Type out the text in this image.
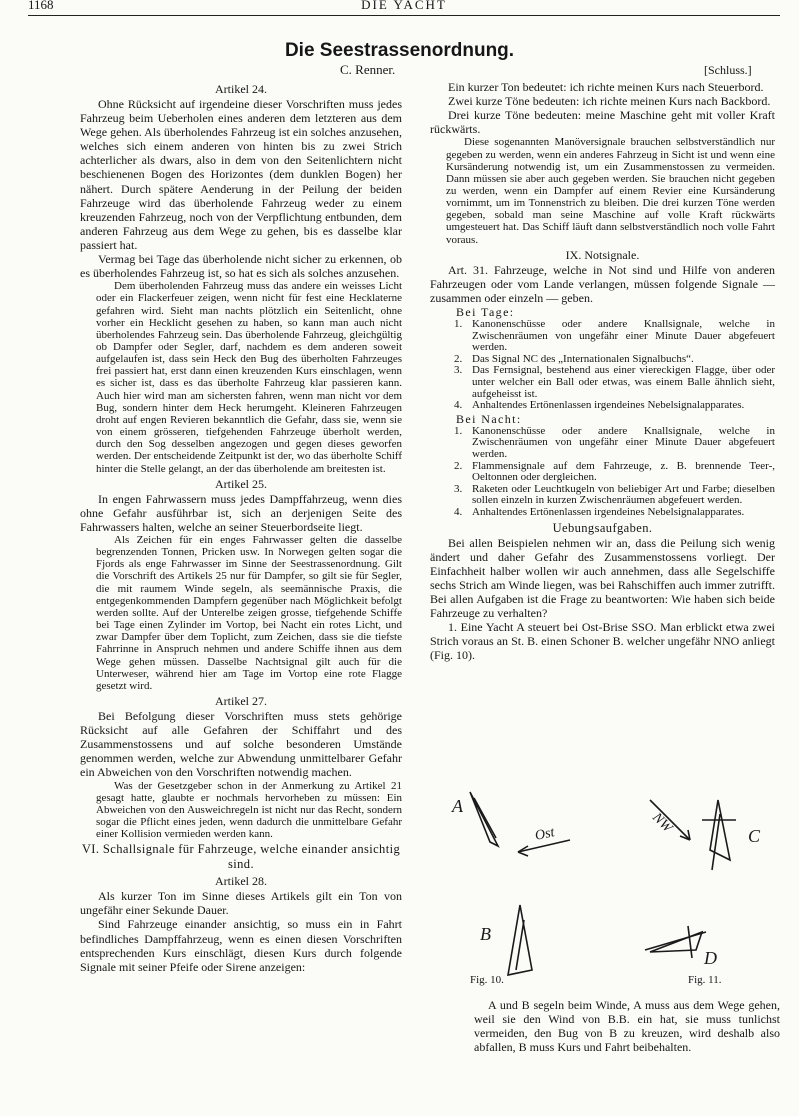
1168	DIE YACHT
Die Seestrassenordnung.
C. Renner.	[Schluss.]
Artikel 24.

Ohne Rücksicht auf irgendeine dieser Vorschriften muss jedes Fahrzeug beim Ueberholen eines anderen dem letzteren aus dem Wege gehen. Als überholendes Fahrzeug ist ein solches anzusehen, welches sich einem anderen von hinten bis zu zwei Strich achterlicher als dwars, also in dem von den Seitenlichtern nicht beschienenen Bogen des Horizontes (dem dunklen Bogen) her nähert. Durch spätere Aenderung in der Peilung der beiden Fahrzeuge wird das überholende Fahrzeug weder zu einem kreuzenden Fahrzeug, noch von der Verpflichtung entbunden, dem anderen Fahrzeug aus dem Wege zu gehen, bis es dasselbe klar passiert hat.

Vermag bei Tage das überholende nicht sicher zu erkennen, ob es überholendes Fahrzeug ist, so hat es sich als solches anzusehen.

Dem überholenden Fahrzeug muss das andere ein weisses Licht oder ein Flackerfeuer zeigen, wenn nicht für fest eine Hecklaterne gefahren wird. Sieht man nachts plötzlich ein Seitenlicht, ohne vorher ein Hecklicht gesehen zu haben, so kann man auch nicht überholendes Fahrzeug sein. Das überholende Fahrzeug, gleichgültig ob Dampfer oder Segler, darf, nachdem es dem anderen soweit aufgelaufen ist, dass sein Heck den Bug des überholten Fahrzeuges frei passiert hat, erst dann einen kreuzenden Kurs einschlagen, wenn es sicher ist, dass es das überholte Fahrzeug klar passieren kann. Auch hier wird man am sichersten fahren, wenn man nicht vor dem Bug, sondern hinter dem Heck herumgeht. Kleineren Fahrzeugen droht auf engen Revieren bekanntlich die Gefahr, dass sie, wenn sie von einem grösseren, tiefgehenden Fahrzeuge überholt werden, durch den Sog desselben angezogen und gegen dieses geworfen werden. Der entscheidende Zeitpunkt ist der, wo das überholte Schiff hinter die Stelle gelangt, an der das überholende am breitesten ist.

Artikel 25.

In engen Fahrwassern muss jedes Dampffahrzeug, wenn dies ohne Gefahr ausführbar ist, sich an derjenigen Seite des Fahrwassers halten, welche an seiner Steuerbordseite liegt.

Als Zeichen für ein enges Fahrwasser gelten die dasselbe begrenzenden Tonnen, Pricken usw. In Norwegen gelten sogar die Fjords als enge Fahrwasser im Sinne der Seestrassenordnung. Gilt die Vorschrift des Artikels 25 nur für Dampfer, so gilt sie für Segler, die mit raumem Winde segeln, als seemännische Praxis, die entgegenkommenden Dampfern gegenüber nach Möglichkeit befolgt werden sollte. Auf der Unterelbe zeigen grosse, tiefgehende Schiffe bei Tage einen Zylinder im Vortop, bei Nacht ein rotes Licht, und zwar Dampfer über dem Toplicht, zum Zeichen, dass sie die tiefste Fahrrinne in Anspruch nehmen und andere Schiffe ihnen aus dem Wege gehen müssen. Dasselbe Nachtsignal gilt auch für die Unterweser, während hier am Tage im Vortop eine rote Flagge gesetzt wird.

Artikel 27.

Bei Befolgung dieser Vorschriften muss stets gehörige Rücksicht auf alle Gefahren der Schiffahrt und des Zusammenstossens und auf solche besonderen Umstände genommen werden, welche zur Abwendung unmittelbarer Gefahr ein Abweichen von den Vorschriften notwendig machen.

Was der Gesetzgeber schon in der Anmerkung zu Artikel 21 gesagt hatte, glaubte er nochmals hervorheben zu müssen: Ein Abweichen von den Ausweichregeln ist nicht nur das Recht, sondern sogar die Pflicht eines jeden, wenn dadurch die unmittelbare Gefahr einer Kollision vermieden werden kann.

VI. Schallsignale für Fahrzeuge, welche einander ansichtig sind.
Artikel 28.

Als kurzer Ton im Sinne dieses Artikels gilt ein Ton von ungefähr einer Sekunde Dauer.

Sind Fahrzeuge einander ansichtig, so muss ein in Fahrt befindliches Dampffahrzeug, wenn es einen diesen Vorschriften entsprechenden Kurs einschlägt, diesen Kurs durch folgende Signale mit seiner Pfeife oder Sirene anzeigen:

Ein kurzer Ton bedeutet: ich richte meinen Kurs nach Steuerbord.

Zwei kurze Töne bedeuten: ich richte meinen Kurs nach Backbord.

Drei kurze Töne bedeuten: meine Maschine geht mit voller Kraft rückwärts.

Diese sogenannten Manöversignale brauchen selbstverständlich nur gegeben zu werden, wenn ein anderes Fahrzeug in Sicht ist und wenn eine Kursänderung notwendig ist, um ein Zusammenstossen zu vermeiden. Dann müssen sie aber auch gegeben werden. Sie brauchen nicht gegeben zu werden, wenn ein Dampfer auf einem Revier eine Kursänderung vornimmt, um im Tonnenstrich zu bleiben. Die drei kurzen Töne werden gegeben, sobald man seine Maschine auf volle Kraft rückwärts umgesteuert hat. Das Schiff läuft dann selbstverständlich noch volle Fahrt voraus.

IX. Notsignale.

Art. 31. Fahrzeuge, welche in Not sind und Hilfe von anderen Fahrzeugen oder vom Lande verlangen, müssen folgende Signale — zusammen oder einzeln — geben.

Bei Tage:
1. Kanonenschüsse oder andere Knallsignale, welche in Zwischenräumen von ungefähr einer Minute Dauer abgefeuert werden.
2. Das Signal NC des „Internationalen Signalbuchs“.
3. Das Fernsignal, bestehend aus einer viereckigen Flagge, über oder unter welcher ein Ball oder etwas, was einem Balle ähnlich sieht, aufgeheisst ist.
4. Anhaltendes Ertönenlassen irgendeines Nebelsignalapparates.
Bei Nacht:
1. Kanonenschüsse oder andere Knallsignale, welche in Zwischenräumen von ungefähr einer Minute Dauer abgefeuert werden.
2. Flammensignale auf dem Fahrzeuge, z. B. brennende Teer-, Oeltonnen oder dergleichen.
3. Raketen oder Leuchtkugeln von beliebiger Art und Farbe; dieselben sollen einzeln in kurzen Zwischenräumen abgefeuert werden.
4. Anhaltendes Ertönenlassen irgendeines Nebelsignalapparates.
Uebungsaufgaben.

Bei allen Beispielen nehmen wir an, dass die Peilung sich wenig ändert und daher Gefahr des Zusammenstossens vorliegt. Der Einfachheit halber wollen wir auch annehmen, dass alle Segelschiffe sechs Strich am Winde liegen, was bei Rahschiffen auch immer zutrifft. Bei allen Aufgaben ist die Frage zu beantworten: Wie haben sich beide Fahrzeuge zu verhalten?

1. Eine Yacht A steuert bei Ost-Brise SSO. Man erblickt etwa zwei Strich voraus an St. B. einen Schoner B. welcher ungefähr NNO anliegt (Fig. 10).

A
B
C
D
Ost	NW
Fig. 10.	Fig. 11.

A und B segeln beim Winde, A muss aus dem Wege gehen, weil sie den Wind von B.B. ein hat, sie muss tunlichst vermeiden, den Bug von B zu kreuzen, wird deshalb also abfallen, B muss Kurs und Fahrt beibehalten.
